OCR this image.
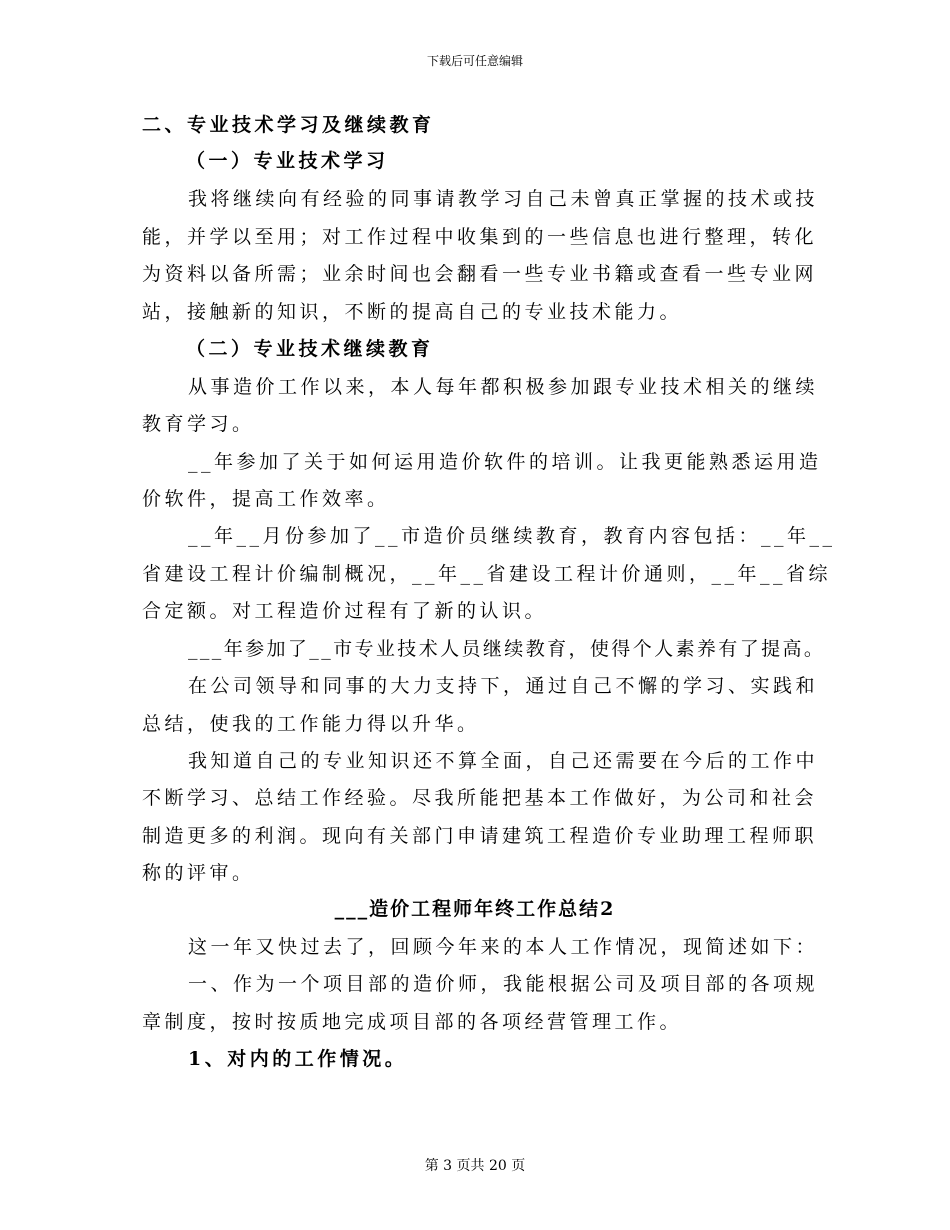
下载后可任意编辑
二、专业技术学习及继续教育
（一）专业技术学习
我将继续向有经验的同事请教学习自己未曾真正掌握的技术或技
能，并学以至用；对工作过程中收集到的一些信息也进行整理，转化
为资料以备所需；业余时间也会翻看一些专业书籍或查看一些专业网
站，接触新的知识，不断的提高自己的专业技术能力。
（二）专业技术继续教育
从事造价工作以来，本人每年都积极参加跟专业技术相关的继续
教育学习。
__年参加了关于如何运用造价软件的培训。让我更能熟悉运用造
价软件，提高工作效率。
__年__月份参加了__市造价员继续教育，教育内容包括：__年__
省建设工程计价编制概况，__年__省建设工程计价通则，__年__省综
合定额。对工程造价过程有了新的认识。
___年参加了__市专业技术人员继续教育，使得个人素养有了提高。
在公司领导和同事的大力支持下，通过自己不懈的学习、实践和
总结，使我的工作能力得以升华。
我知道自己的专业知识还不算全面，自己还需要在今后的工作中
不断学习、总结工作经验。尽我所能把基本工作做好，为公司和社会
制造更多的利润。现向有关部门申请建筑工程造价专业助理工程师职
称的评审。
___造价工程师年终工作总结2
这一年又快过去了，回顾今年来的本人工作情况，现简述如下：
一、作为一个项目部的造价师，我能根据公司及项目部的各项规
章制度，按时按质地完成项目部的各项经营管理工作。
1、对内的工作情况。
第 3 页共 20 页
